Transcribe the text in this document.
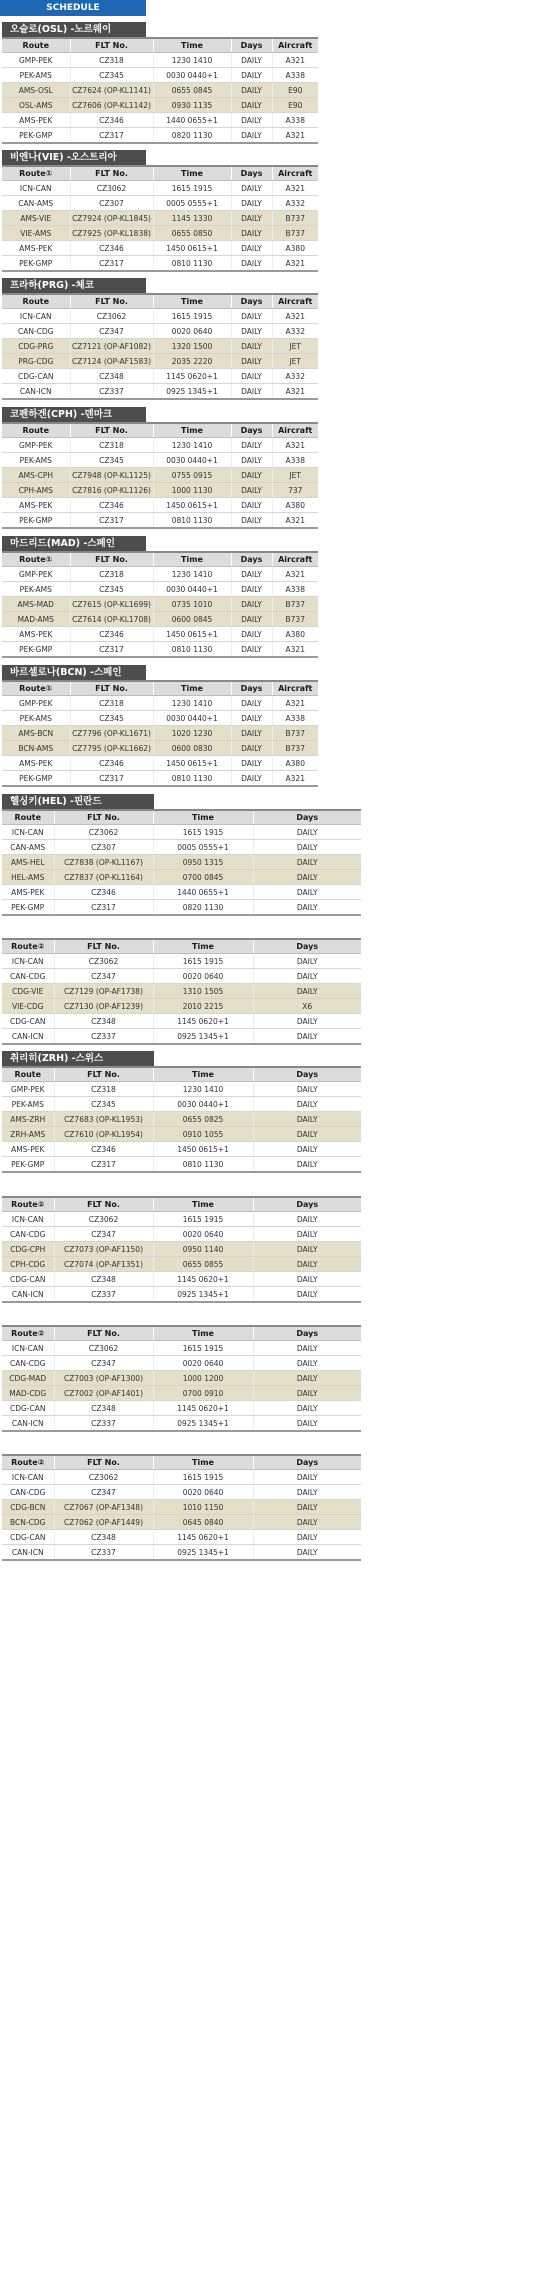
SCHEDULE
오슬로(OSL) -노르웨이
Route	FLT No.	Time	Days	Aircraft
GMP-PEK	CZ318	1230 1410	DAILY	A321
PEK-AMS	CZ345	0030 0440+1	DAILY	A338
AMS-OSL	CZ7624 (OP-KL1141)	0655 0845	DAILY	E90
OSL-AMS	CZ7606 (OP-KL1142)	0930 1135	DAILY	E90
AMS-PEK	CZ346	1440 0655+1	DAILY	A338
PEK-GMP	CZ317	0820 1130	DAILY	A321
비엔나(VIE) -오스트리아
Route①	FLT No.	Time	Days	Aircraft
ICN-CAN	CZ3062	1615 1915	DAILY	A321
CAN-AMS	CZ307	0005 0555+1	DAILY	A332
AMS-VIE	CZ7924 (OP-KL1845)	1145 1330	DAILY	B737
VIE-AMS	CZ7925 (OP-KL1838)	0655 0850	DAILY	B737
AMS-PEK	CZ346	1450 0615+1	DAILY	A380
PEK-GMP	CZ317	0810 1130	DAILY	A321
프라하(PRG) -체코
Route	FLT No.	Time	Days	Aircraft
ICN-CAN	CZ3062	1615 1915	DAILY	A321
CAN-CDG	CZ347	0020 0640	DAILY	A332
CDG-PRG	CZ7121 (OP-AF1082)	1320 1500	DAILY	JET
PRG-CDG	CZ7124 (OP-AF1583)	2035 2220	DAILY	JET
CDG-CAN	CZ348	1145 0620+1	DAILY	A332
CAN-ICN	CZ337	0925 1345+1	DAILY	A321
코펜하겐(CPH) -덴마크
Route	FLT No.	Time	Days	Aircraft
GMP-PEK	CZ318	1230 1410	DAILY	A321
PEK-AMS	CZ345	0030 0440+1	DAILY	A338
AMS-CPH	CZ7948 (OP-KL1125)	0755 0915	DAILY	JET
CPH-AMS	CZ7816 (OP-KL1126)	1000 1130	DAILY	737
AMS-PEK	CZ346	1450 0615+1	DAILY	A380
PEK-GMP	CZ317	0810 1130	DAILY	A321
마드리드(MAD) -스페인
Route①	FLT No.	Time	Days	Aircraft
GMP-PEK	CZ318	1230 1410	DAILY	A321
PEK-AMS	CZ345	0030 0440+1	DAILY	A338
AMS-MAD	CZ7615 (OP-KL1699)	0735 1010	DAILY	B737
MAD-AMS	CZ7614 (OP-KL1708)	0600 0845	DAILY	B737
AMS-PEK	CZ346	1450 0615+1	DAILY	A380
PEK-GMP	CZ317	0810 1130	DAILY	A321
바르셀로나(BCN) -스페인
Route①	FLT No.	Time	Days	Aircraft
GMP-PEK	CZ318	1230 1410	DAILY	A321
PEK-AMS	CZ345	0030 0440+1	DAILY	A338
AMS-BCN	CZ7796 (OP-KL1671)	1020 1230	DAILY	B737
BCN-AMS	CZ7795 (OP-KL1662)	0600 0830	DAILY	B737
AMS-PEK	CZ346	1450 0615+1	DAILY	A380
PEK-GMP	CZ317	0810 1130	DAILY	A321
헬싱키(HEL) -핀란드
Route	FLT No.	Time	Days
ICN-CAN	CZ3062	1615 1915	DAILY
CAN-AMS	CZ307	0005 0555+1	DAILY
AMS-HEL	CZ7838 (OP-KL1167)	0950 1315	DAILY
HEL-AMS	CZ7837 (OP-KL1164)	0700 0845	DAILY
AMS-PEK	CZ346	1440 0655+1	DAILY
PEK-GMP	CZ317	0820 1130	DAILY
Route②	FLT No.	Time	Days
ICN-CAN	CZ3062	1615 1915	DAILY
CAN-CDG	CZ347	0020 0640	DAILY
CDG-VIE	CZ7129 (OP-AF1738)	1310 1505	DAILY
VIE-CDG	CZ7130 (OP-AF1239)	2010 2215	X6
CDG-CAN	CZ348	1145 0620+1	DAILY
CAN-ICN	CZ337	0925 1345+1	DAILY
취리히(ZRH) -스위스
Route	FLT No.	Time	Days
GMP-PEK	CZ318	1230 1410	DAILY
PEK-AMS	CZ345	0030 0440+1	DAILY
AMS-ZRH	CZ7683 (OP-KL1953)	0655 0825	DAILY
ZRH-AMS	CZ7610 (OP-KL1954)	0910 1055	DAILY
AMS-PEK	CZ346	1450 0615+1	DAILY
PEK-GMP	CZ317	0810 1130	DAILY
Route②	FLT No.	Time	Days
ICN-CAN	CZ3062	1615 1915	DAILY
CAN-CDG	CZ347	0020 0640	DAILY
CDG-CPH	CZ7073 (OP-AF1150)	0950 1140	DAILY
CPH-CDG	CZ7074 (OP-AF1351)	0655 0855	DAILY
CDG-CAN	CZ348	1145 0620+1	DAILY
CAN-ICN	CZ337	0925 1345+1	DAILY
Route②	FLT No.	Time	Days
ICN-CAN	CZ3062	1615 1915	DAILY
CAN-CDG	CZ347	0020 0640	DAILY
CDG-MAD	CZ7003 (OP-AF1300)	1000 1200	DAILY
MAD-CDG	CZ7002 (OP-AF1401)	0700 0910	DAILY
CDG-CAN	CZ348	1145 0620+1	DAILY
CAN-ICN	CZ337	0925 1345+1	DAILY
Route②	FLT No.	Time	Days
ICN-CAN	CZ3062	1615 1915	DAILY
CAN-CDG	CZ347	0020 0640	DAILY
CDG-BCN	CZ7067 (OP-AF1348)	1010 1150	DAILY
BCN-CDG	CZ7062 (OP-AF1449)	0645 0840	DAILY
CDG-CAN	CZ348	1145 0620+1	DAILY
CAN-ICN	CZ337	0925 1345+1	DAILY
